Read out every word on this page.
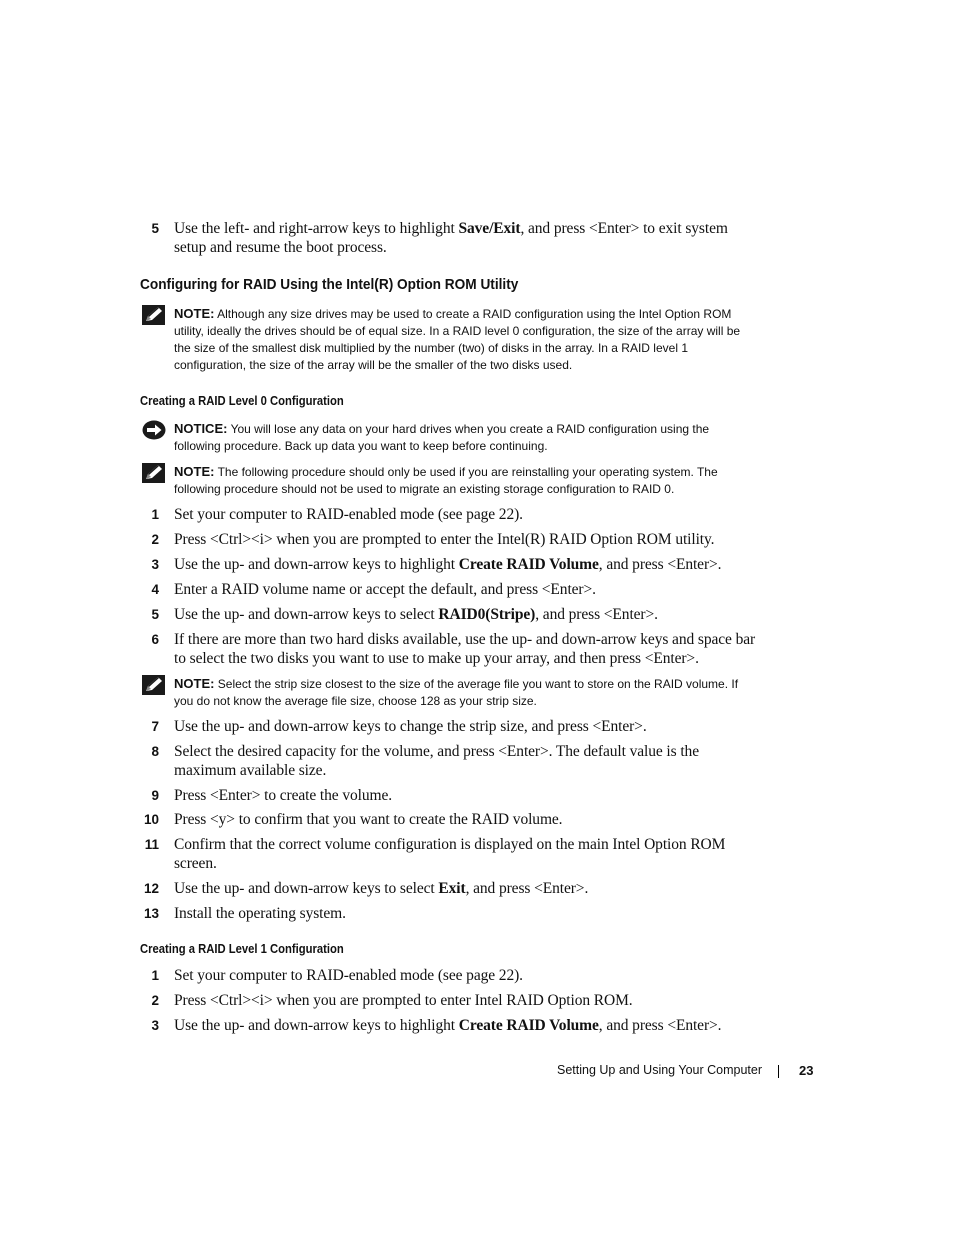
5 Use the left- and right-arrow keys to highlight Save/Exit, and press <Enter> to exit system setup and resume the boot process.
Configuring for RAID Using the Intel(R) Option ROM Utility
NOTE: Although any size drives may be used to create a RAID configuration using the Intel Option ROM utility, ideally the drives should be of equal size. In a RAID level 0 configuration, the size of the array will be the size of the smallest disk multiplied by the number (two) of disks in the array. In a RAID level 1 configuration, the size of the array will be the smaller of the two disks used.
Creating a RAID Level 0 Configuration
NOTICE: You will lose any data on your hard drives when you create a RAID configuration using the following procedure. Back up data you want to keep before continuing.
NOTE: The following procedure should only be used if you are reinstalling your operating system. The following procedure should not be used to migrate an existing storage configuration to RAID 0.
1 Set your computer to RAID-enabled mode (see page 22).
2 Press <Ctrl><i> when you are prompted to enter the Intel(R) RAID Option ROM utility.
3 Use the up- and down-arrow keys to highlight Create RAID Volume, and press <Enter>.
4 Enter a RAID volume name or accept the default, and press <Enter>.
5 Use the up- and down-arrow keys to select RAID0(Stripe), and press <Enter>.
6 If there are more than two hard disks available, use the up- and down-arrow keys and space bar to select the two disks you want to use to make up your array, and then press <Enter>.
NOTE: Select the strip size closest to the size of the average file you want to store on the RAID volume. If you do not know the average file size, choose 128 as your strip size.
7 Use the up- and down-arrow keys to change the strip size, and press <Enter>.
8 Select the desired capacity for the volume, and press <Enter>. The default value is the maximum available size.
9 Press <Enter> to create the volume.
10 Press <y> to confirm that you want to create the RAID volume.
11 Confirm that the correct volume configuration is displayed on the main Intel Option ROM screen.
12 Use the up- and down-arrow keys to select Exit, and press <Enter>.
13 Install the operating system.
Creating a RAID Level 1 Configuration
1 Set your computer to RAID-enabled mode (see page 22).
2 Press <Ctrl><i> when you are prompted to enter Intel RAID Option ROM.
3 Use the up- and down-arrow keys to highlight Create RAID Volume, and press <Enter>.
Setting Up and Using Your Computer	23
